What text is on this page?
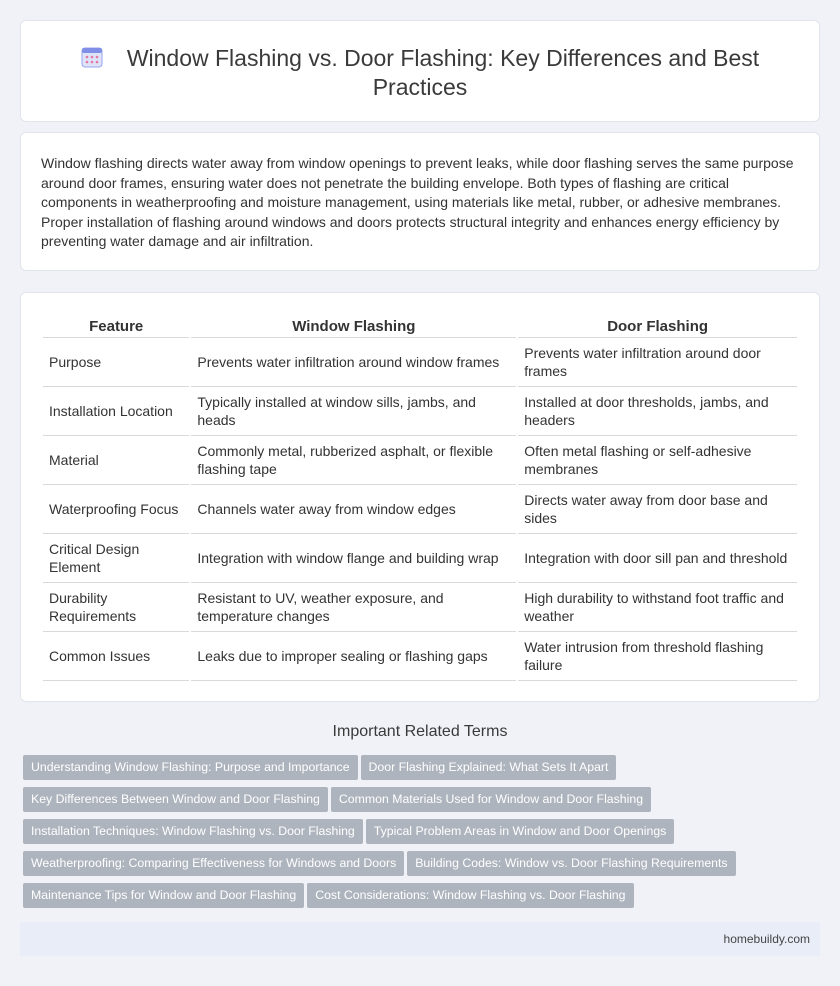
Window Flashing vs. Door Flashing: Key Differences and Best Practices

Window flashing directs water away from window openings to prevent leaks, while door flashing serves the same purpose around door frames, ensuring water does not penetrate the building envelope. Both types of flashing are critical components in weatherproofing and moisture management, using materials like metal, rubber, or adhesive membranes. Proper installation of flashing around windows and doors protects structural integrity and enhances energy efficiency by preventing water damage and air infiltration.

Feature	Window Flashing	Door Flashing
Purpose	Prevents water infiltration around window frames	Prevents water infiltration around door frames
Installation Location	Typically installed at window sills, jambs, and heads	Installed at door thresholds, jambs, and headers
Material	Commonly metal, rubberized asphalt, or flexible flashing tape	Often metal flashing or self-adhesive membranes
Waterproofing Focus	Channels water away from window edges	Directs water away from door base and sides
Critical Design Element	Integration with window flange and building wrap	Integration with door sill pan and threshold
Durability Requirements	Resistant to UV, weather exposure, and temperature changes	High durability to withstand foot traffic and weather
Common Issues	Leaks due to improper sealing or flashing gaps	Water intrusion from threshold flashing failure
Important Related Terms
Understanding Window Flashing: Purpose and Importance Door Flashing Explained: What Sets It Apart
Key Differences Between Window and Door Flashing Common Materials Used for Window and Door Flashing
Installation Techniques: Window Flashing vs. Door Flashing Typical Problem Areas in Window and Door Openings
Weatherproofing: Comparing Effectiveness for Windows and Doors Building Codes: Window vs. Door Flashing Requirements
Maintenance Tips for Window and Door Flashing Cost Considerations: Window Flashing vs. Door Flashing
homebuildy.com
